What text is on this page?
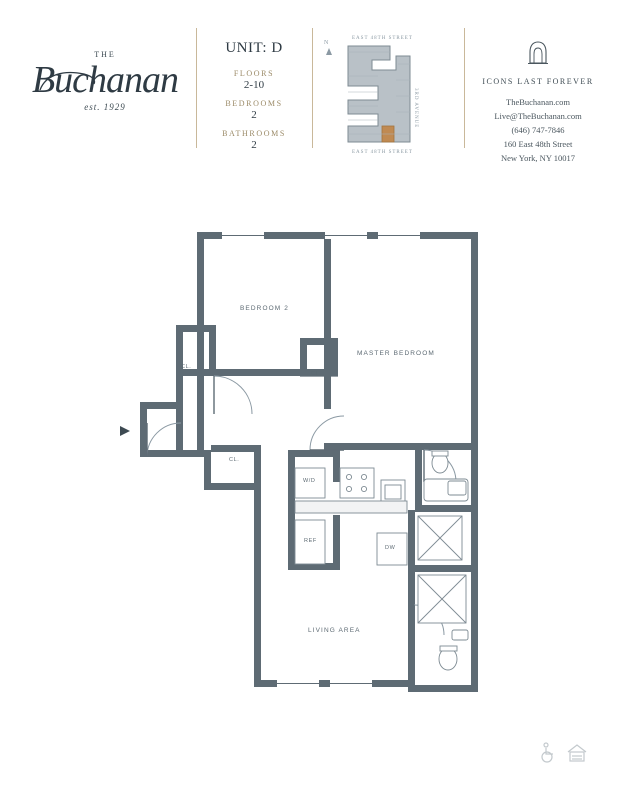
THE
Buchanan
est. 1929
UNIT: D
FLOORS
2-10
BEDROOMS
2
BATHROOMS
2
N
EAST 48TH STREET
EAST 48TH STREET
3RD AVENUE
ICONS LAST FOREVER
TheBuchanan.com
Live@TheBuchanan.com
(646) 747-7846
160 East 48th Street
New York, NY 10017
BEDROOM 2
MASTER BEDROOM
LIVING AREA
CL.
CL.
CL.
W/D
REF
DW
